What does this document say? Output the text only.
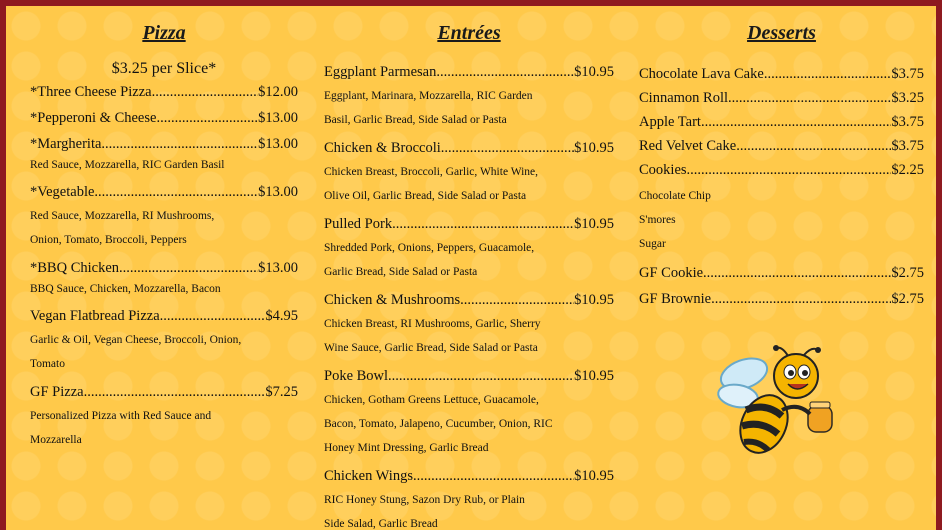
Pizza
$3.25 per Slice*
*Three Cheese Pizza .....	$12.00
*Pepperoni & Cheese .....	$13.00
*Margherita .....	$13.00
Red Sauce, Mozzarella, RIC Garden Basil
*Vegetable .....	$13.00
Red Sauce, Mozzarella, RI Mushrooms,
Onion, Tomato, Broccoli, Peppers
*BBQ Chicken .....	$13.00
BBQ Sauce, Chicken, Mozzarella, Bacon
Vegan Flatbread Pizza .....	$4.95
Garlic & Oil, Vegan Cheese, Broccoli, Onion,
Tomato
GF Pizza .....	$7.25
Personalized Pizza with Red Sauce and
Mozzarella
Entrées
Eggplant Parmesan .....	$10.95
Eggplant, Marinara, Mozzarella, RIC Garden
Basil, Garlic Bread, Side Salad or Pasta
Chicken & Broccoli .....	$10.95
Chicken Breast, Broccoli, Garlic, White Wine,
Olive Oil, Garlic Bread, Side Salad or Pasta
Pulled Pork .....	$10.95
Shredded Pork, Onions, Peppers, Guacamole,
Garlic Bread, Side Salad or Pasta
Chicken & Mushrooms .....	$10.95
Chicken Breast, RI Mushrooms, Garlic, Sherry
Wine Sauce, Garlic Bread, Side Salad or Pasta
Poke Bowl .....	$10.95
Chicken, Gotham Greens Lettuce, Guacamole,
Bacon, Tomato, Jalapeno, Cucumber, Onion, RIC
Honey Mint Dressing, Garlic Bread
Chicken Wings .....	$10.95
RIC Honey Stung, Sazon Dry Rub, or Plain
Side Salad, Garlic Bread
Desserts
Chocolate Lava Cake .....	$3.75
Cinnamon Roll .....	$3.25
Apple Tart .....	$3.75
Red Velvet Cake .....	$3.75
Cookies .....	$2.25
Chocolate Chip
S'mores
Sugar
GF Cookie .....	$2.75
GF Brownie .....	$2.75
